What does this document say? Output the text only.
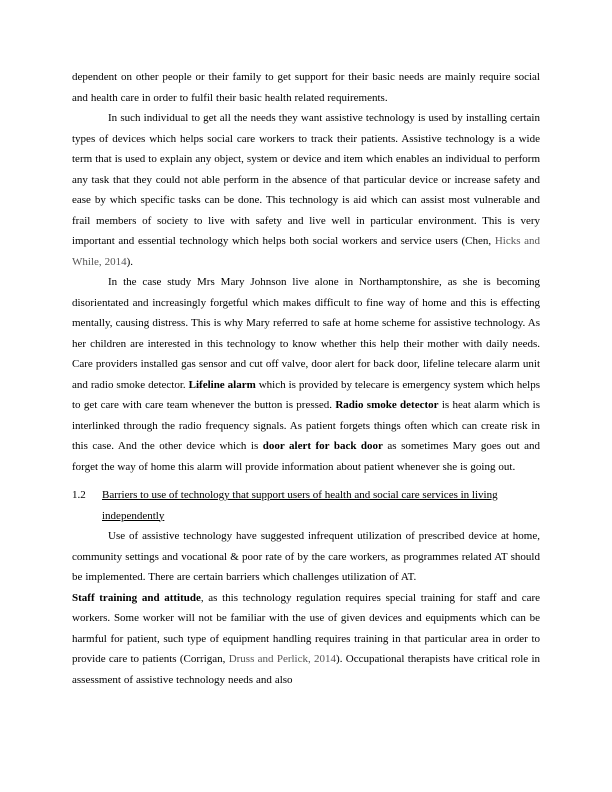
dependent on other people or their family to get support for their basic needs are mainly require social and health care in order to fulfil their basic health related requirements.

In such individual to get all the needs they want assistive technology is used by installing certain types of devices which helps social care workers to track their patients. Assistive technology is a wide term that is used to explain any object, system or device and item which enables an individual to perform any task that they could not able perform in the absence of that particular device or increase safety and ease by which specific tasks can be done. This technology is aid which can assist most vulnerable and frail members of society to live with safety and live well in particular environment. This is very important and essential technology which helps both social workers and service users (Chen, Hicks and While, 2014).

In the case study Mrs Mary Johnson live alone in Northamptonshire, as she is becoming disorientated and increasingly forgetful which makes difficult to fine way of home and this is effecting mentally, causing distress. This is why Mary referred to safe at home scheme for assistive technology. As her children are interested in this technology to know whether this help their mother with daily needs. Care providers installed gas sensor and cut off valve, door alert for back door, lifeline telecare alarm unit and radio smoke detector. Lifeline alarm which is provided by telecare is emergency system which helps to get care with care team whenever the button is pressed. Radio smoke detector is heat alarm which is interlinked through the radio frequency signals. As patient forgets things often which can create risk in this case. And the other device which is door alert for back door as sometimes Mary goes out and forget the way of home this alarm will provide information about patient whenever she is going out.

1.2 Barriers to use of technology that support users of health and social care services in living
independently

Use of assistive technology have suggested infrequent utilization of prescribed device at home, community settings and vocational & poor rate of by the care workers, as programmes related AT should be implemented. There are certain barriers which challenges utilization of AT.

Staff training and attitude, as this technology regulation requires special training for staff and care workers. Some worker will not be familiar with the use of given devices and equipments which can be harmful for patient, such type of equipment handling requires training in that particular area in order to provide care to patients (Corrigan, Druss and Perlick, 2014). Occupational therapists have critical role in assessment of assistive technology needs and also
